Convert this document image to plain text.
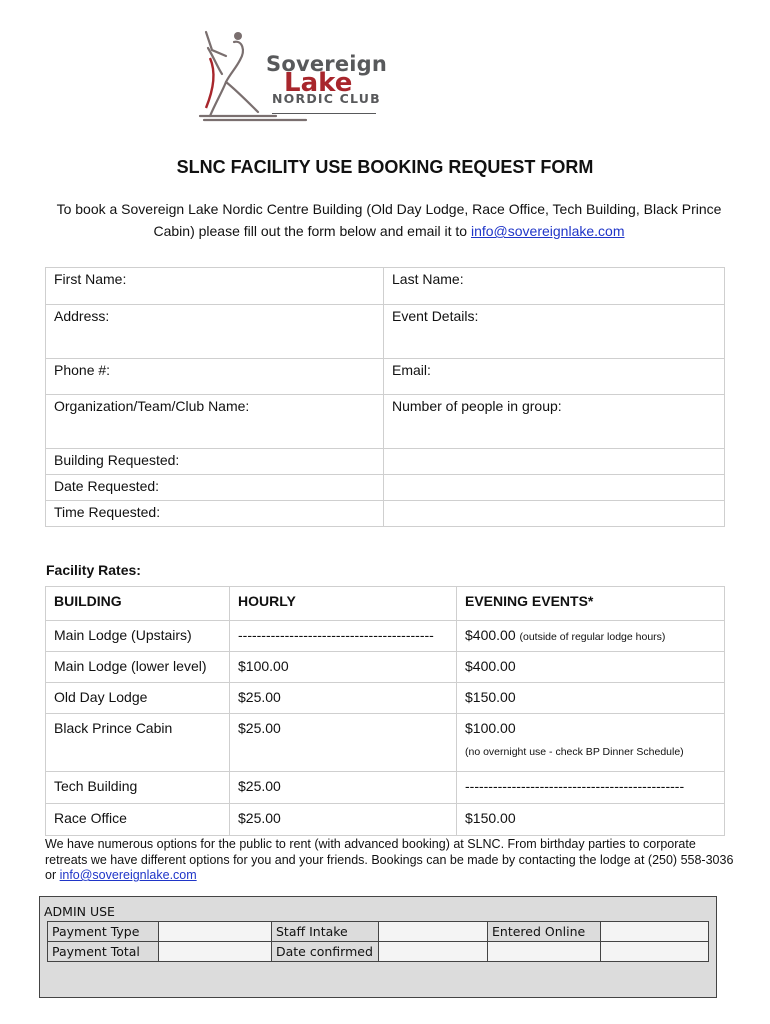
Sovereign
Lake
NORDIC CLUB
SLNC FACILITY USE BOOKING REQUEST FORM
To book a Sovereign Lake Nordic Centre Building (Old Day Lodge, Race Office, Tech Building, Black Prince Cabin) please fill out the form below and email it to info@sovereignlake.com
First Name:	Last Name:
Address:	Event Details:
Phone #:	Email:
Organization/Team/Club Name:	Number of people in group:
Building Requested:	
Date Requested:	
Time Requested:	
Facility Rates:
BUILDING	HOURLY	EVENING EVENTS*
Main Lodge (Upstairs)	------------------------------------------	$400.00 (outside of regular lodge hours)
Main Lodge (lower level)	$100.00	$400.00
Old Day Lodge	$25.00	$150.00
Black Prince Cabin	$25.00	$100.00
(no overnight use - check BP Dinner Schedule)

Tech Building	$25.00	-----------------------------------------------
Race Office	$25.00	$150.00
We have numerous options for the public to rent (with advanced booking) at SLNC. From birthday parties to corporate retreats we have different options for you and your friends. Bookings can be made by contacting the lodge at (250) 558-3036 or info@sovereignlake.com
ADMIN USE
Payment Type		Staff Intake		Entered Online	
Payment Total		Date confirmed			
